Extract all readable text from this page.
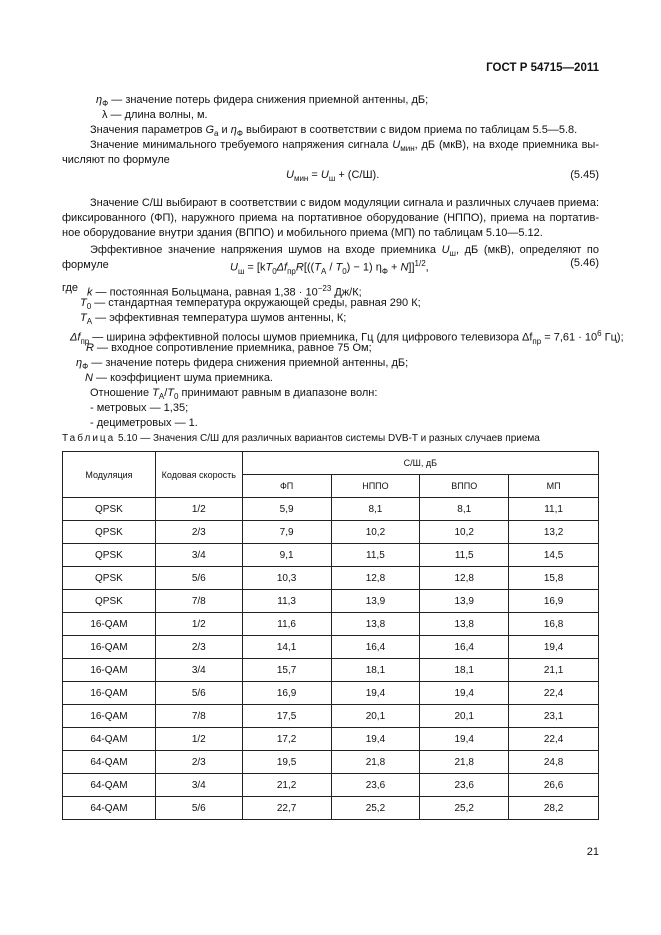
ГОСТ Р 54715—2011
$\eta_Ф$ — значение потерь фидера снижения приемной антенны, дБ;
λ — длина волны, м.
Значения параметров $G_а$ и $\eta_Ф$ выбирают в соответствии с видом приема по таблицам 5.5—5.8.
Значение минимального требуемого напряжения сигнала $U_{мин}$, дБ (мкВ), на входе приемника вы-
числяют по формуле
$U_{мин} = U_ш + (С/Ш)$.	(5.45)
Значение С/Ш выбирают в соответствии с видом модуляции сигнала и различных случаев приема:
фиксированного (ФП), наружного приема на портативное оборудование (НППО), приема на портатив-
ное оборудование внутри здания (ВППО) и мобильного приема (МП) по таблицам 5.10—5.12.
Эффективное значение напряжения шумов на входе приемника $U_ш$, дБ (мкВ), определяют по
формуле	$U_ш = [kT_0\Delta f_{пр}R[((T_A / T_0) - 1) \eta_Ф + N]]^{1/2}$,	(5.46)
где k — постоянная Больцмана, равная $1,38 \cdot 10^{-23}$ Дж/К;
$T_0$ — стандартная температура окружающей среды, равная 290 К;
$T_A$ — эффективная температура шумов антенны, К;
$\Delta f_{пр}$ — ширина эффективной полосы шумов приемника, Гц (для цифрового телевизора $\Delta f_{пр} = 7,61 \cdot 10^6$ Гц);
R — входное сопротивление приемника, равное 75 Ом;
$\eta_Ф$ — значение потерь фидера снижения приемной антенны, дБ;
N — коэффициент шума приемника.
Отношение $T_A/T_0$ принимают равным в диапазоне волн:
- метровых — 1,35;
- дециметровых — 1.
Таблица 5.10 — Значения С/Ш для различных вариантов системы DVB-T и разных случаев приема
Модуляция	Кодовая скорость	С/Ш, дБ			
		ФП	НППО	ВППО	МП
QPSK	1/2	5,9	8,1	8,1	11,1
QPSK	2/3	7,9	10,2	10,2	13,2
QPSK	3/4	9,1	11,5	11,5	14,5
QPSK	5/6	10,3	12,8	12,8	15,8
QPSK	7/8	11,3	13,9	13,9	16,9
16-QAM	1/2	11,6	13,8	13,8	16,8
16-QAM	2/3	14,1	16,4	16,4	19,4
16-QAM	3/4	15,7	18,1	18,1	21,1
16-QAM	5/6	16,9	19,4	19,4	22,4
16-QAM	7/8	17,5	20,1	20,1	23,1
64-QAM	1/2	17,2	19,4	19,4	22,4
64-QAM	2/3	19,5	21,8	21,8	24,8
64-QAM	3/4	21,2	23,6	23,6	26,6
64-QAM	5/6	22,7	25,2	25,2	28,2
21
